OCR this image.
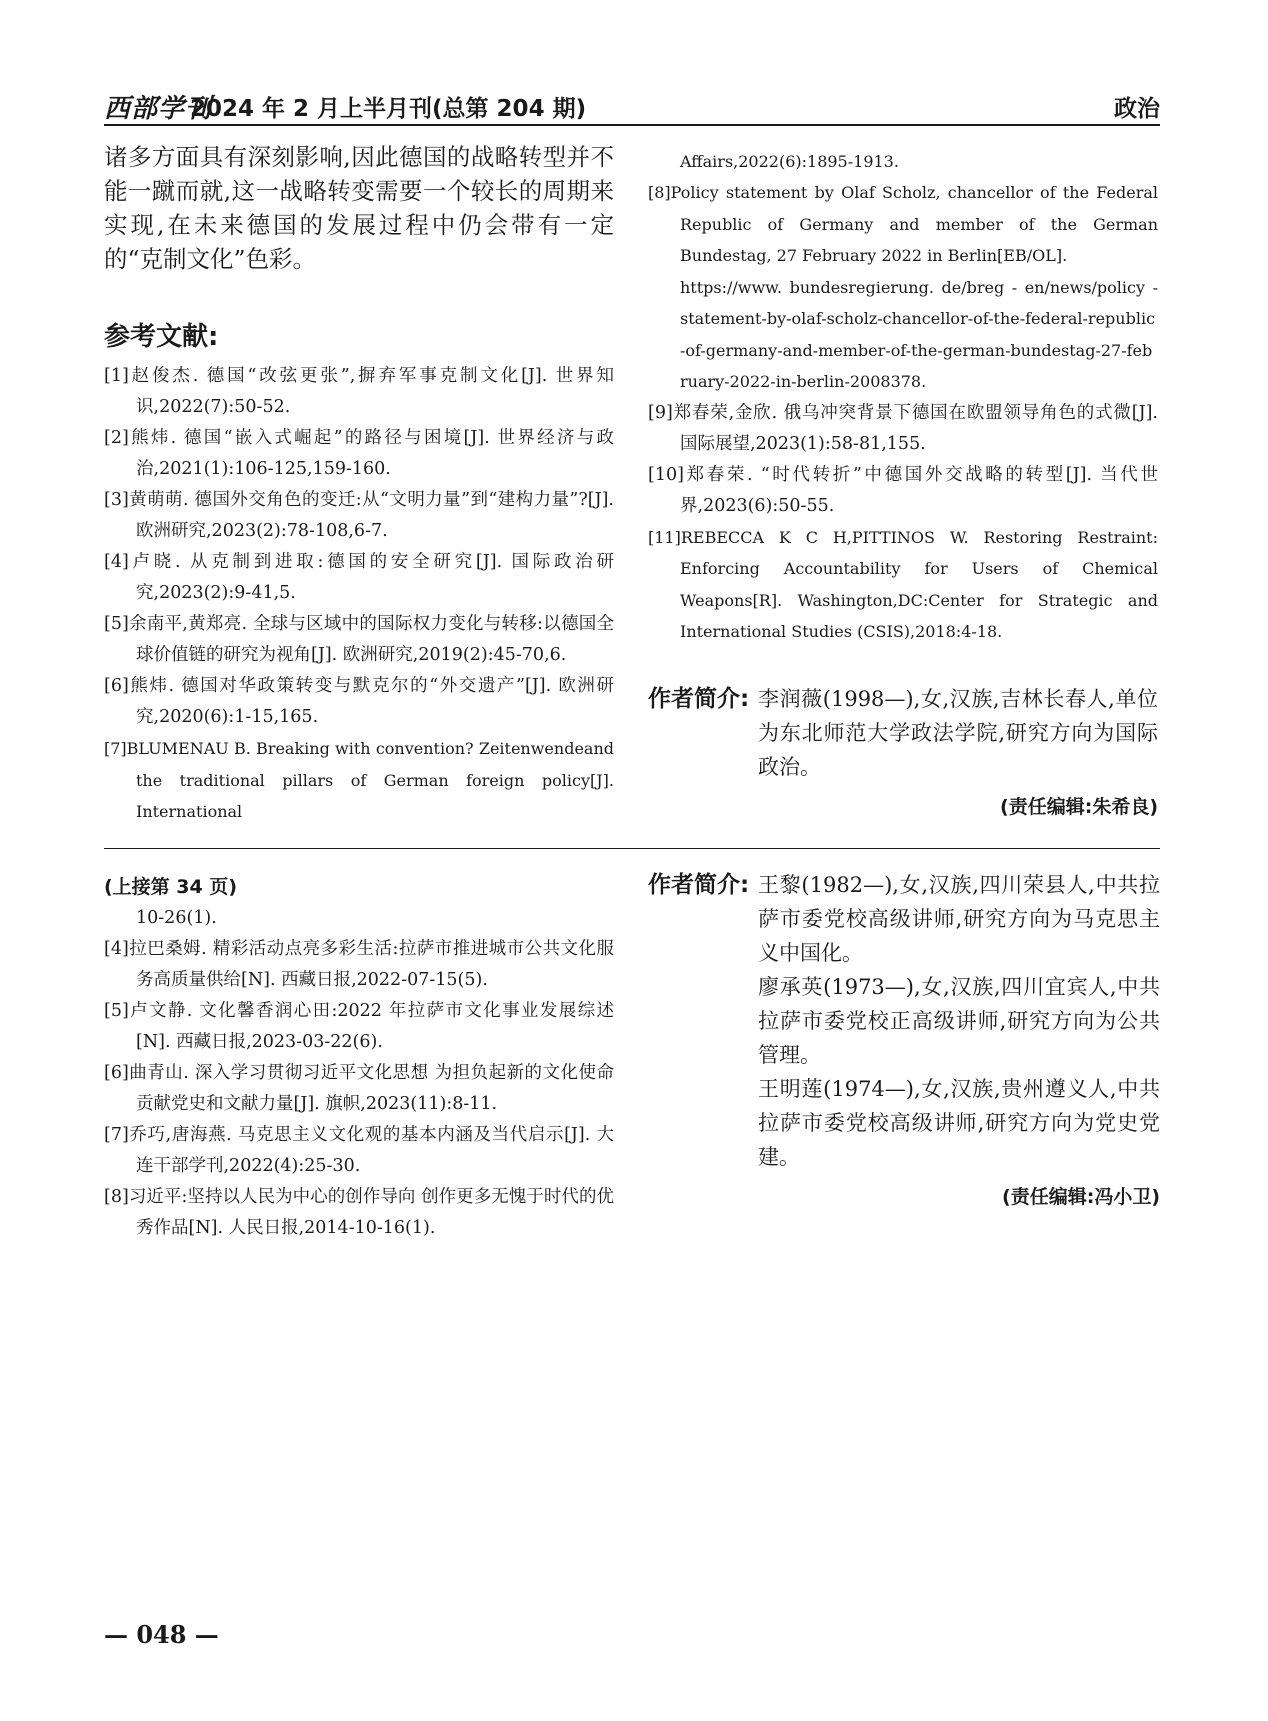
西部学刊
2024 年 2 月上半月刊(总第 204 期)	政治

诸多方面具有深刻影响,因此德国的战略转型并不能一蹴而就,这一战略转变需要一个较长的周期来实现,在未来德国的发展过程中仍会带有一定的“克制文化”色彩。

参考文献:
[1]赵俊杰. 德国“改弦更张”,摒弃军事克制文化[J]. 世界知识,2022(7):50-52.
[2]熊炜. 德国“嵌入式崛起”的路径与困境[J]. 世界经济与政治,2021(1):106-125,159-160.
[3]黄萌萌. 德国外交角色的变迁:从“文明力量”到“建构力量”?[J]. 欧洲研究,2023(2):78-108,6-7.
[4]卢晓. 从克制到进取:德国的安全研究[J]. 国际政治研究,2023(2):9-41,5.
[5]余南平,黄郑亮. 全球与区域中的国际权力变化与转移:以德国全球价值链的研究为视角[J]. 欧洲研究,2019(2):45-70,6.
[6]熊炜. 德国对华政策转变与默克尔的“外交遗产”[J]. 欧洲研究,2020(6):1-15,165.
[7]BLUMENAU B. Breaking with convention? Zeitenwendeand the traditional pillars of German foreign policy[J]. International
Affairs,2022(6):1895-1913.
[8]Policy statement by Olaf Scholz, chancellor of the Federal Republic of Germany and member of the German Bundestag, 27 February 2022 in Berlin[EB/OL].
https://www. bundesregierung. de/breg - en/news/policy - statement-by-olaf-scholz-chancellor-of-the-federal-republic-of-germany-and-member-of-the-german-bundestag-27-february-2022-in-berlin-2008378.
[9]郑春荣,金欣. 俄乌冲突背景下德国在欧盟领导角色的式微[J]. 国际展望,2023(1):58-81,155.
[10]郑春荣. “时代转折”中德国外交战略的转型[J]. 当代世界,2023(6):50-55.
[11]REBECCA K C H,PITTINOS W. Restoring Restraint: Enforcing Accountability for Users of Chemical Weapons[R]. Washington,DC:Center for Strategic and International Studies (CSIS),2018:4-18.
作者简介: 李润薇(1998—),女,汉族,吉林长春人,单位为东北师范大学政法学院,研究方向为国际政治。

(责任编辑:朱希良)
(上接第 34 页)
10-26(1).
[4]拉巴桑姆. 精彩活动点亮多彩生活:拉萨市推进城市公共文化服务高质量供给[N]. 西藏日报,2022-07-15(5).
[5]卢文静. 文化馨香润心田:2022 年拉萨市文化事业发展综述[N]. 西藏日报,2023-03-22(6).
[6]曲青山. 深入学习贯彻习近平文化思想 为担负起新的文化使命贡献党史和文献力量[J]. 旗帜,2023(11):8-11.
[7]乔巧,唐海燕. 马克思主义文化观的基本内涵及当代启示[J]. 大连干部学刊,2022(4):25-30.
[8]习近平:坚持以人民为中心的创作导向 创作更多无愧于时代的优秀作品[N]. 人民日报,2014-10-16(1).
作者简介: 王黎(1982—),女,汉族,四川荣县人,中共拉萨市委党校高级讲师,研究方向为马克思主义中国化。

廖承英(1973—),女,汉族,四川宜宾人,中共拉萨市委党校正高级讲师,研究方向为公共管理。

王明莲(1974—),女,汉族,贵州遵义人,中共拉萨市委党校高级讲师,研究方向为党史党建。

(责任编辑:冯小卫)
— 048 —
